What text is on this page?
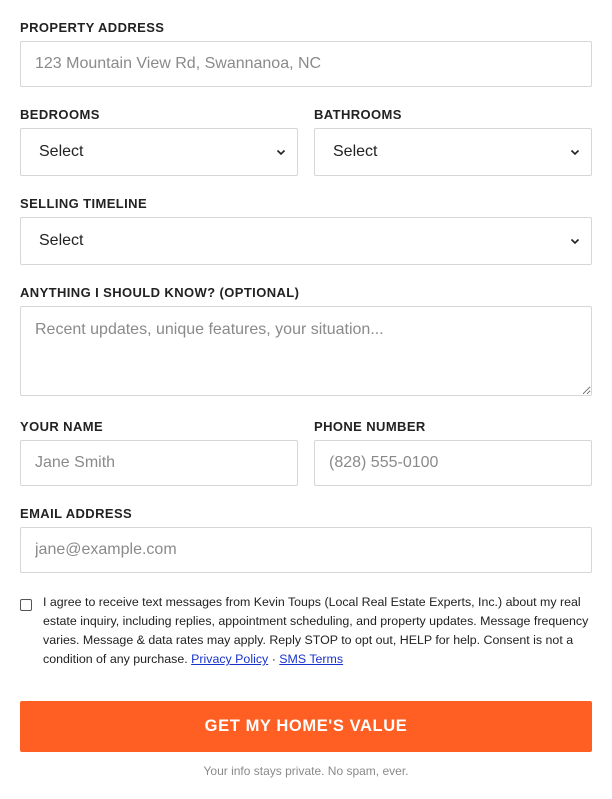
PROPERTY ADDRESS
123 Mountain View Rd, Swannanoa, NC
BEDROOMS
Select
BATHROOMS
Select
SELLING TIMELINE
Select
ANYTHING I SHOULD KNOW? (OPTIONAL)
Recent updates, unique features, your situation...
YOUR NAME
Jane Smith	PHONE NUMBER
(828) 555-0100
EMAIL ADDRESS
jane@example.com
I agree to receive text messages from Kevin Toups (Local Real Estate Experts, Inc.) about my real estate inquiry, including replies, appointment scheduling, and property updates. Message frequency varies. Message & data rates may apply. Reply STOP to opt out, HELP for help. Consent is not a condition of any purchase. Privacy Policy · SMS Terms
GET MY HOME'S VALUE
Your info stays private. No spam, ever.
